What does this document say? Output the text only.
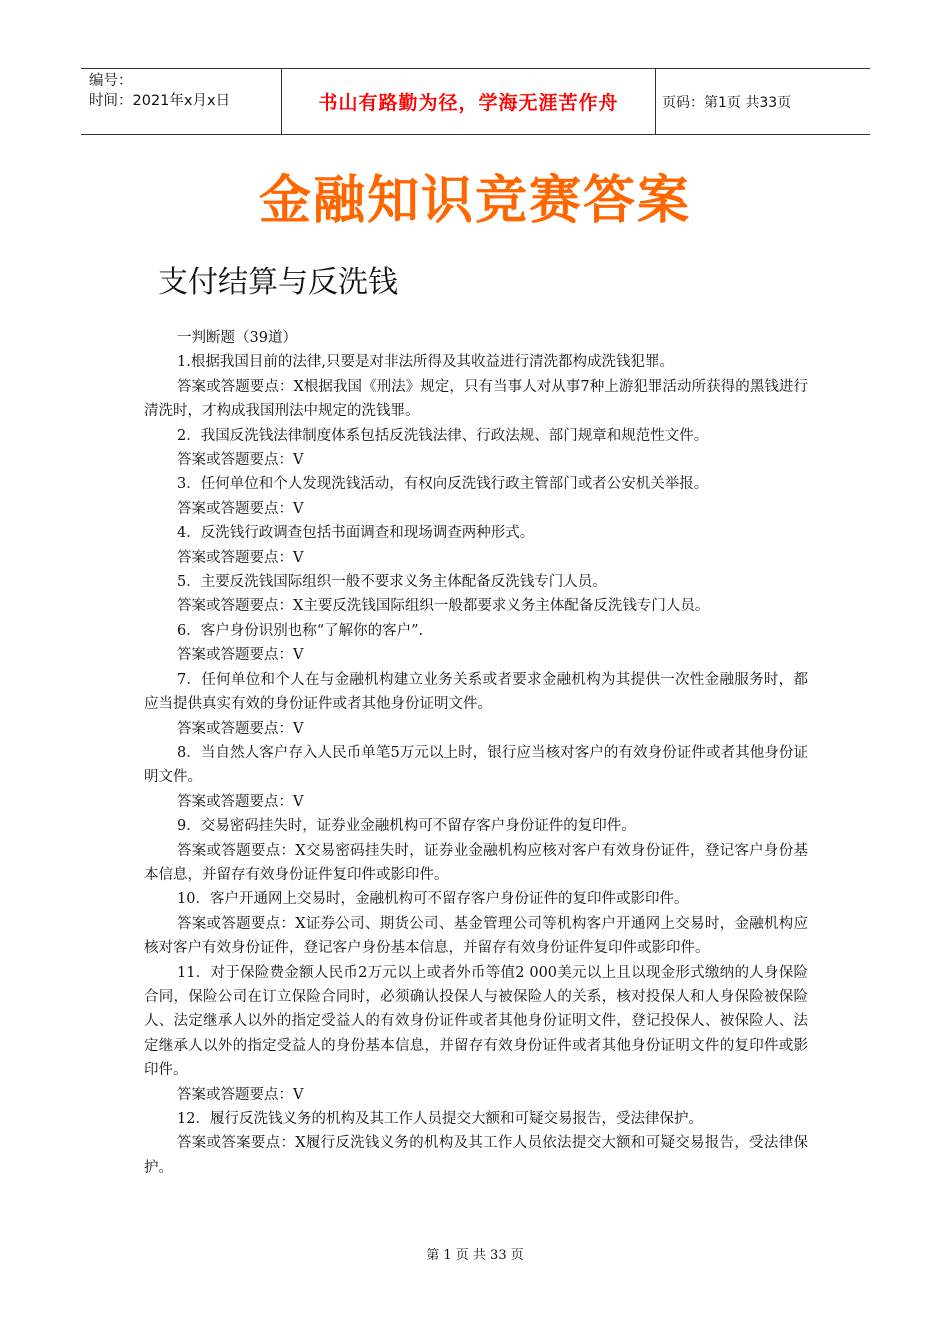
编号：
时间：2021年x月x日	书山有路勤为径，学海无涯苦作舟	页码：第1页 共33页
金融知识竞赛答案
支付结算与反洗钱

一判断题（39道）

1.根据我国目前的法律,只要是对非法所得及其收益进行清洗都构成洗钱犯罪。

答案或答题要点：X根据我国《刑法》规定，只有当事人对从事7种上游犯罪活动所获得的黑钱进行清洗时，才构成我国刑法中规定的洗钱罪。

2．我国反洗钱法律制度体系包括反洗钱法律、行政法规、部门规章和规范性文件。

答案或答题要点：V

3．任何单位和个人发现洗钱活动，有权向反洗钱行政主管部门或者公安机关举报。

答案或答题要点：V

4．反洗钱行政调查包括书面调查和现场调查两种形式。

答案或答题要点：V

5．主要反洗钱国际组织一般不要求义务主体配备反洗钱专门人员。

答案或答题要点：X主要反洗钱国际组织一般都要求义务主体配备反洗钱专门人员。

6．客户身份识别也称“了解你的客户”.

答案或答题要点：V

7．任何单位和个人在与金融机构建立业务关系或者要求金融机构为其提供一次性金融服务时，都应当提供真实有效的身份证件或者其他身份证明文件。

答案或答题要点：V

8．当自然人客户存入人民币单笔5万元以上时，银行应当核对客户的有效身份证件或者其他身份证明文件。

答案或答题要点：V

9．交易密码挂失时，证券业金融机构可不留存客户身份证件的复印件。

答案或答题要点：X交易密码挂失时，证券业金融机构应核对客户有效身份证件，登记客户身份基本信息，并留存有效身份证件复印件或影印件。

10．客户开通网上交易时，金融机构可不留存客户身份证件的复印件或影印件。

答案或答题要点：X证券公司、期货公司、基金管理公司等机构客户开通网上交易时，金融机构应核对客户有效身份证件，登记客户身份基本信息，并留存有效身份证件复印件或影印件。

11．对于保险费金额人民币2万元以上或者外币等值2 000美元以上且以现金形式缴纳的人身保险合同，保险公司在订立保险合同时，必须确认投保人与被保险人的关系，核对投保人和人身保险被保险人、法定继承人以外的指定受益人的有效身份证件或者其他身份证明文件，登记投保人、被保险人、法定继承人以外的指定受益人的身份基本信息，并留存有效身份证件或者其他身份证明文件的复印件或影印件。

答案或答题要点：V

12．履行反洗钱义务的机构及其工作人员提交大额和可疑交易报告，受法律保护。

答案或答案要点：X履行反洗钱义务的机构及其工作人员依法提交大额和可疑交易报告，受法律保护。

第 1 页 共 33 页
